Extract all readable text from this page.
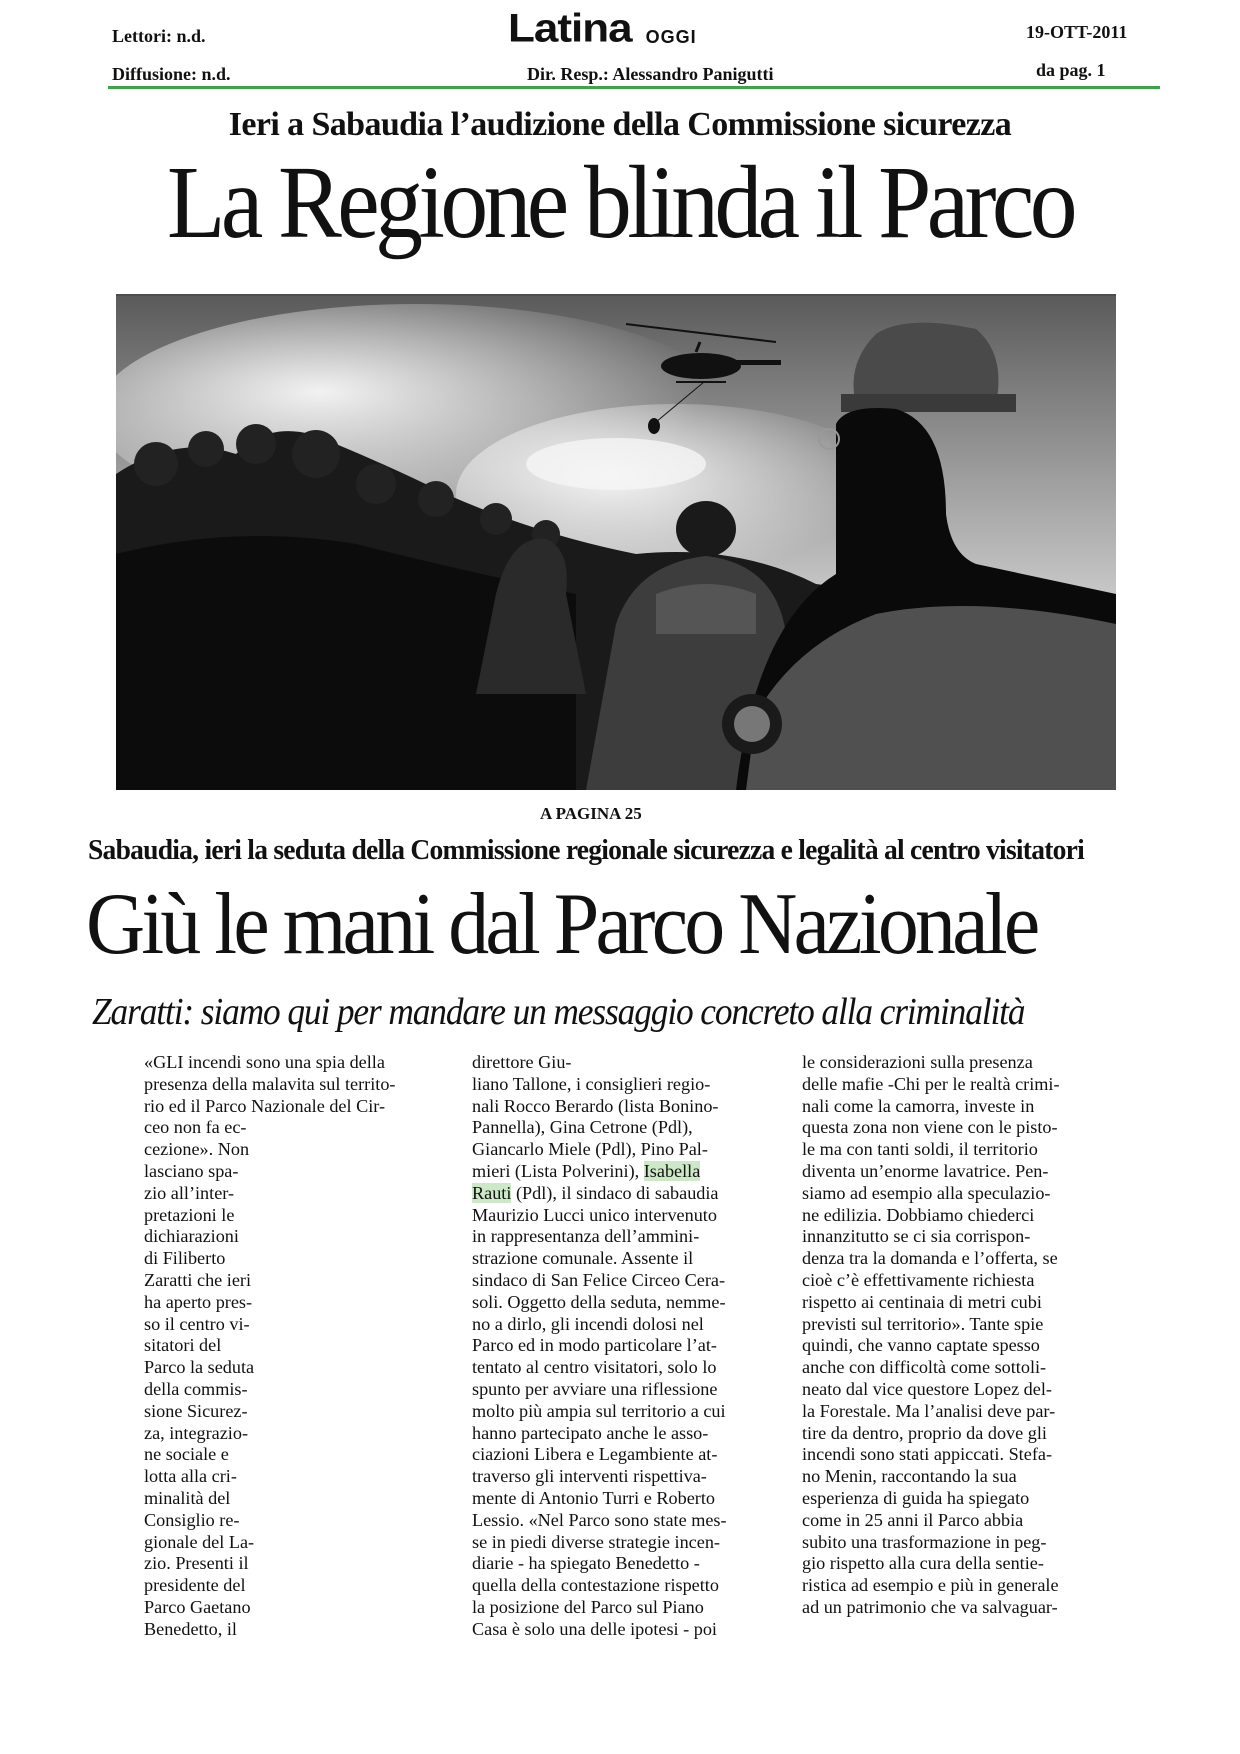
Lettori: n.d.
Diffusione: n.d.
Latina OGGI
Dir. Resp.: Alessandro Panigutti
19-OTT-2011
da pag. 1
Ieri a Sabaudia l’audizione della Commissione sicurezza
La Regione blinda il Parco
A PAGINA 25
Sabaudia, ieri la seduta della Commissione regionale sicurezza e legalità al centro visitatori
Giù le mani dal Parco Nazionale
Zaratti: siamo qui per mandare un messaggio concreto alla criminalità

«GLI incendi sono una spia della

presenza della malavita sul territo-

rio ed il Parco Nazionale del Cir-

ceo non fa ec-

cezione». Non

lasciano spa-

zio all’inter-

pretazioni le

dichiarazioni

di Filiberto

Zaratti che ieri

ha aperto pres-

so il centro vi-

sitatori del

Parco la seduta

della commis-

sione Sicurez-

za, integrazio-

ne sociale e

lotta alla cri-

minalità del

Consiglio re-

gionale del La-

zio. Presenti il

presidente del

Parco Gaetano

Benedetto, il

direttore Giu-

liano Tallone, i consiglieri regio-

nali Rocco Berardo (lista Bonino-

Pannella), Gina Cetrone (Pdl),

Giancarlo Miele (Pdl), Pino Pal-

mieri (Lista Polverini), Isabella

Rauti (Pdl), il sindaco di sabaudia

Maurizio Lucci unico intervenuto

in rappresentanza dell’ammini-

strazione comunale. Assente il

sindaco di San Felice Circeo Cera-

soli. Oggetto della seduta, nemme-

no a dirlo, gli incendi dolosi nel

Parco ed in modo particolare l’at-

tentato al centro visitatori, solo lo

spunto per avviare una riflessione

molto più ampia sul territorio a cui

hanno partecipato anche le asso-

ciazioni Libera e Legambiente at-

traverso gli interventi rispettiva-

mente di Antonio Turri e Roberto

Lessio. «Nel Parco sono state mes-

se in piedi diverse strategie incen-

diarie - ha spiegato Benedetto -

quella della contestazione rispetto

la posizione del Parco sul Piano

Casa è solo una delle ipotesi - poi

le considerazioni sulla presenza

delle mafie -Chi per le realtà crimi-

nali come la camorra, investe in

questa zona non viene con le pisto-

le ma con tanti soldi, il territorio

diventa un’enorme lavatrice. Pen-

siamo ad esempio alla speculazio-

ne edilizia. Dobbiamo chiederci

innanzitutto se ci sia corrispon-

denza tra la domanda e l’offerta, se

cioè c’è effettivamente richiesta

rispetto ai centinaia di metri cubi

previsti sul territorio». Tante spie

quindi, che vanno captate spesso

anche con difficoltà come sottoli-

neato dal vice questore Lopez del-

la Forestale. Ma l’analisi deve par-

tire da dentro, proprio da dove gli

incendi sono stati appiccati. Stefa-

no Menin, raccontando la sua

esperienza di guida ha spiegato

come in 25 anni il Parco abbia

subito una trasformazione in peg-

gio rispetto alla cura della sentie-

ristica ad esempio e più in generale

ad un patrimonio che va salvaguar-
